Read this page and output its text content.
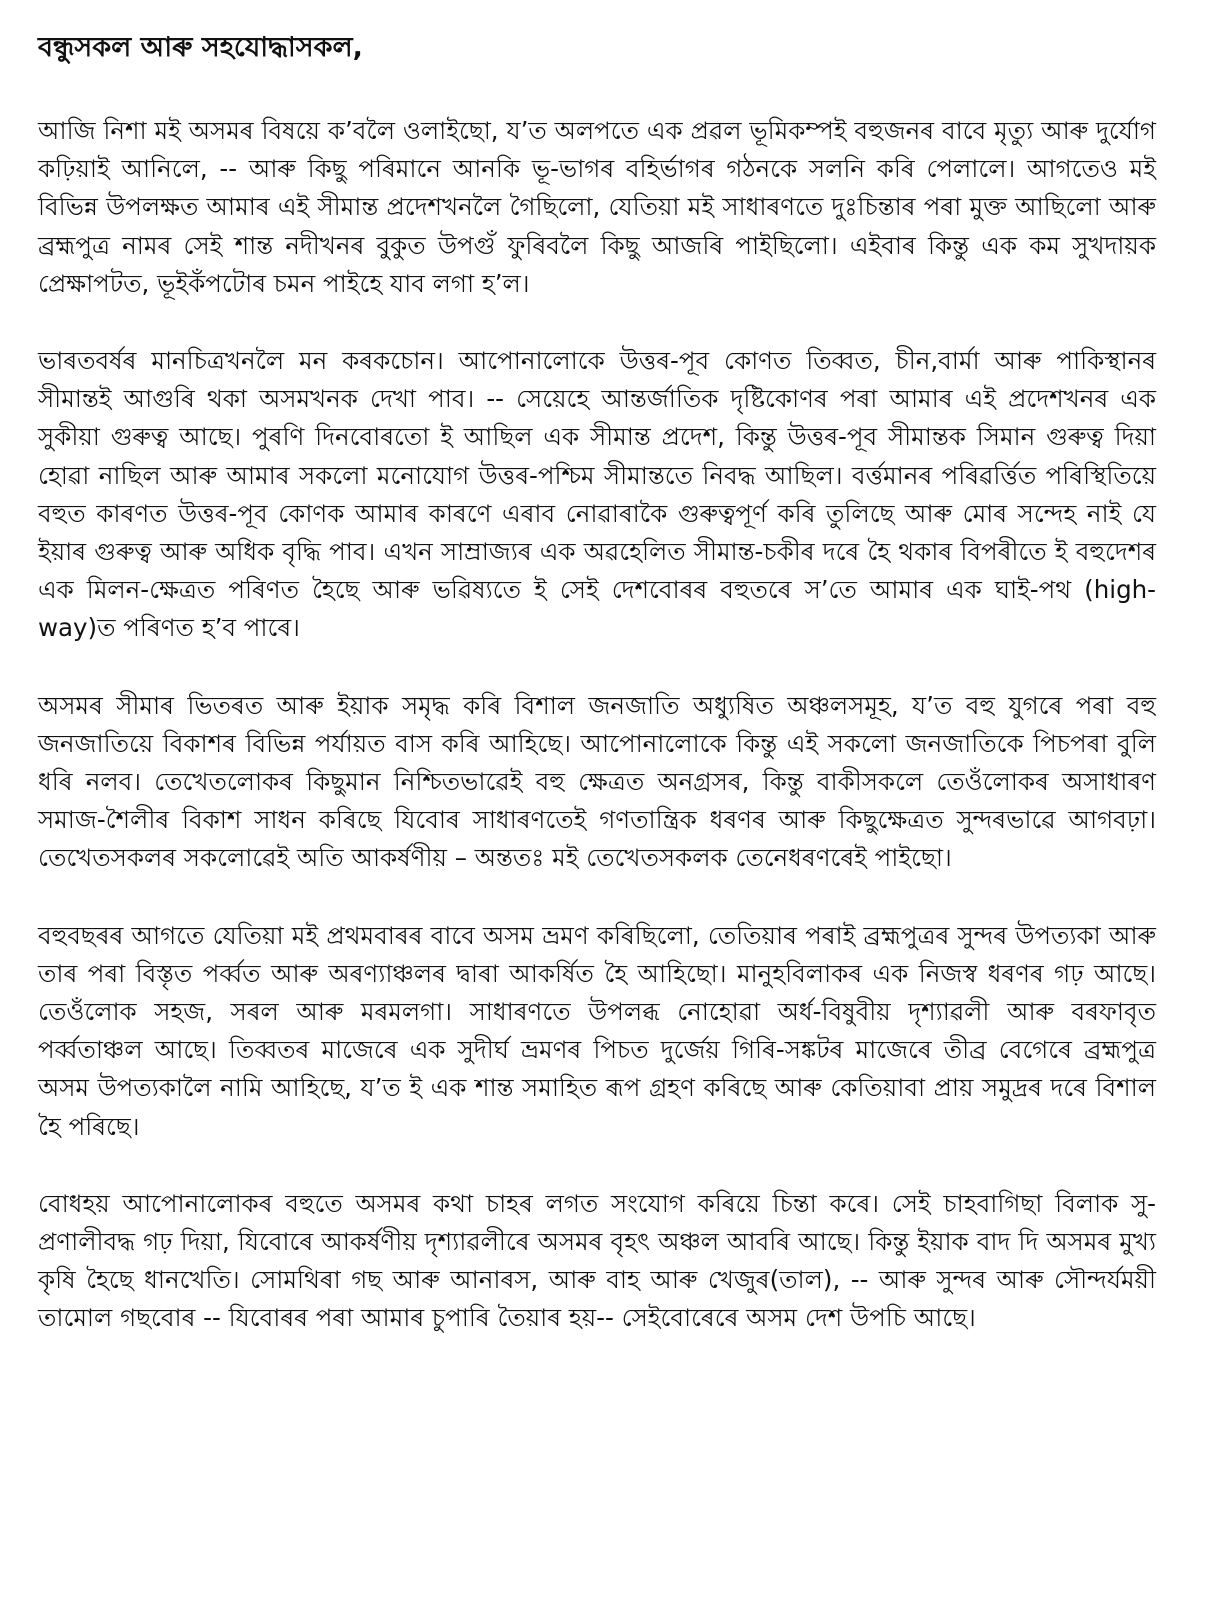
বন্ধুসকল আৰু সহযোদ্ধাসকল,

আজি নিশা মই অসমৰ বিষয়ে ক’বলৈ ওলাইছো, য’ত অলপতে এক প্ৰৱল ভূমিকম্পই বহুজনৰ বাবে মৃত্যু আৰু দুৰ্যোগ কঢ়িয়াই আনিলে, -- আৰু কিছু পৰিমানে আনকি ভূ-ভাগৰ বহিৰ্ভাগৰ গঠনকে সলনি কৰি পেলালে। আগতেও মই বিভিন্ন উপলক্ষত আমাৰ এই সীমান্ত প্ৰদেশখনলৈ গৈছিলো, যেতিয়া মই সাধাৰণতে দুঃচিন্তাৰ পৰা মুক্ত আছিলো আৰু ব্ৰহ্মপুত্ৰ নামৰ সেই শান্ত নদীখনৰ বুকুত উপগুঁ ফুৰিবলৈ কিছু আজৰি পাইছিলো। এইবাৰ কিন্তু এক কম সুখদায়ক প্ৰেক্ষাপটত, ভূইকঁপটোৰ চমন পাইহে যাব লগা হ’ল।

ভাৰতবৰ্ষৰ মানচিত্ৰখনলৈ মন কৰকচোন। আপোনালোকে উত্তৰ-পূব কোণত তিব্বত, চীন,বাৰ্মা আৰু পাকিস্থানৰ সীমান্তই আগুৰি থকা অসমখনক দেখা পাব। -- সেয়েহে আন্তৰ্জাতিক দৃষ্টিকোণৰ পৰা আমাৰ এই প্ৰদেশখনৰ এক সুকীয়া গুৰুত্ব আছে। পুৰণি দিনবোৰতো ই আছিল এক সীমান্ত প্ৰদেশ, কিন্তু উত্তৰ-পূব সীমান্তক সিমান গুৰুত্ব দিয়া হোৱা নাছিল আৰু আমাৰ সকলো মনোযোগ উত্তৰ-পশ্চিম সীমান্ততে নিবদ্ধ আছিল। বৰ্ত্তমানৰ পৰিৱৰ্ত্তিত পৰিস্থিতিয়ে বহুত কাৰণত উত্তৰ-পূব কোণক আমাৰ কাৰণে এৰাব নোৱাৰাকৈ গুৰুত্বপূৰ্ণ কৰি তুলিছে আৰু মোৰ সন্দেহ নাই যে ইয়াৰ গুৰুত্ব আৰু অধিক বৃদ্ধি পাব। এখন সাম্ৰাজ্যৰ এক অৱহেলিত সীমান্ত-চকীৰ দৰে হৈ থকাৰ বিপৰীতে ই বহুদেশৰ এক মিলন-ক্ষেত্ৰত পৰিণত হৈছে আৰু ভৱিষ্যতে ই সেই দেশবোৰৰ বহুতৰে স’তে আমাৰ এক ঘাই-পথ (high-way)ত পৰিণত হ’ব পাৰে।

অসমৰ সীমাৰ ভিতৰত আৰু ইয়াক সমৃদ্ধ কৰি বিশাল জনজাতি অধ্যুষিত অঞ্চলসমূহ, য’ত বহু যুগৰে পৰা বহু জনজাতিয়ে বিকাশৰ বিভিন্ন পৰ্যায়ত বাস কৰি আহিছে। আপোনালোকে কিন্তু এই সকলো জনজাতিকে পিচপৰা বুলি ধৰি নলব। তেখেতলোকৰ কিছুমান নিশ্চিতভাৱেই বহু ক্ষেত্ৰত অনগ্ৰসৰ, কিন্তু বাকীসকলে তেওঁলোকৰ অসাধাৰণ সমাজ-শৈলীৰ বিকাশ সাধন কৰিছে যিবোৰ সাধাৰণতেই গণতান্ত্ৰিক ধৰণৰ আৰু কিছুক্ষেত্ৰত সুন্দৰভাৱে আগবঢ়া। তেখেতসকলৰ সকলোৱেই অতি আকৰ্ষণীয় – অন্ততঃ মই তেখেতসকলক তেনেধৰণৰেই পাইছো।

বহুবছৰৰ আগতে যেতিয়া মই প্ৰথমবাৰৰ বাবে অসম ভ্ৰমণ কৰিছিলো, তেতিয়াৰ পৰাই ব্ৰহ্মপুত্ৰৰ সুন্দৰ উপত্যকা আৰু তাৰ পৰা বিস্তৃত পৰ্ব্বত আৰু অৰণ্যাঞ্চলৰ দ্বাৰা আকৰ্ষিত হৈ আহিছো। মানুহবিলাকৰ এক নিজস্ব ধৰণৰ গঢ় আছে। তেওঁলোক সহজ, সৰল আৰু মৰমলগা। সাধাৰণতে উপলব্ধ নোহোৱা অৰ্ধ-বিষুবীয় দৃশ্যাৱলী আৰু বৰফাবৃত পৰ্ব্বতাঞ্চল আছে। তিব্বতৰ মাজেৰে এক সুদীৰ্ঘ ভ্ৰমণৰ পিচত দুৰ্জেয় গিৰি-সঙ্কটৰ মাজেৰে তীব্ৰ বেগেৰে ব্ৰহ্মপুত্ৰ অসম উপত্যকালৈ নামি আহিছে, য’ত ই এক শান্ত সমাহিত ৰূপ গ্ৰহণ কৰিছে আৰু কেতিয়াবা প্ৰায় সমুদ্ৰৰ দৰে বিশাল হৈ পৰিছে।

বোধহয় আপোনালোকৰ বহুতে অসমৰ কথা চাহৰ লগত সংযোগ কৰিয়ে চিন্তা কৰে। সেই চাহবাগিছা বিলাক সু-প্ৰণালীবদ্ধ গঢ় দিয়া, যিবোৰে আকৰ্ষণীয় দৃশ্যাৱলীৰে অসমৰ বৃহৎ অঞ্চল আবৰি আছে। কিন্তু ইয়াক বাদ দি অসমৰ মুখ্য কৃষি হৈছে ধানখেতি। সোমথিৰা গছ আৰু আনাৰস, আৰু বাহ আৰু খেজুৰ(তাল), -- আৰু সুন্দৰ আৰু সৌন্দৰ্যময়ী তামোল গছবোৰ -- যিবোৰৰ পৰা আমাৰ চুপাৰি তৈয়াৰ হয়-- সেইবোৰেৰে অসম দেশ উপচি আছে।
